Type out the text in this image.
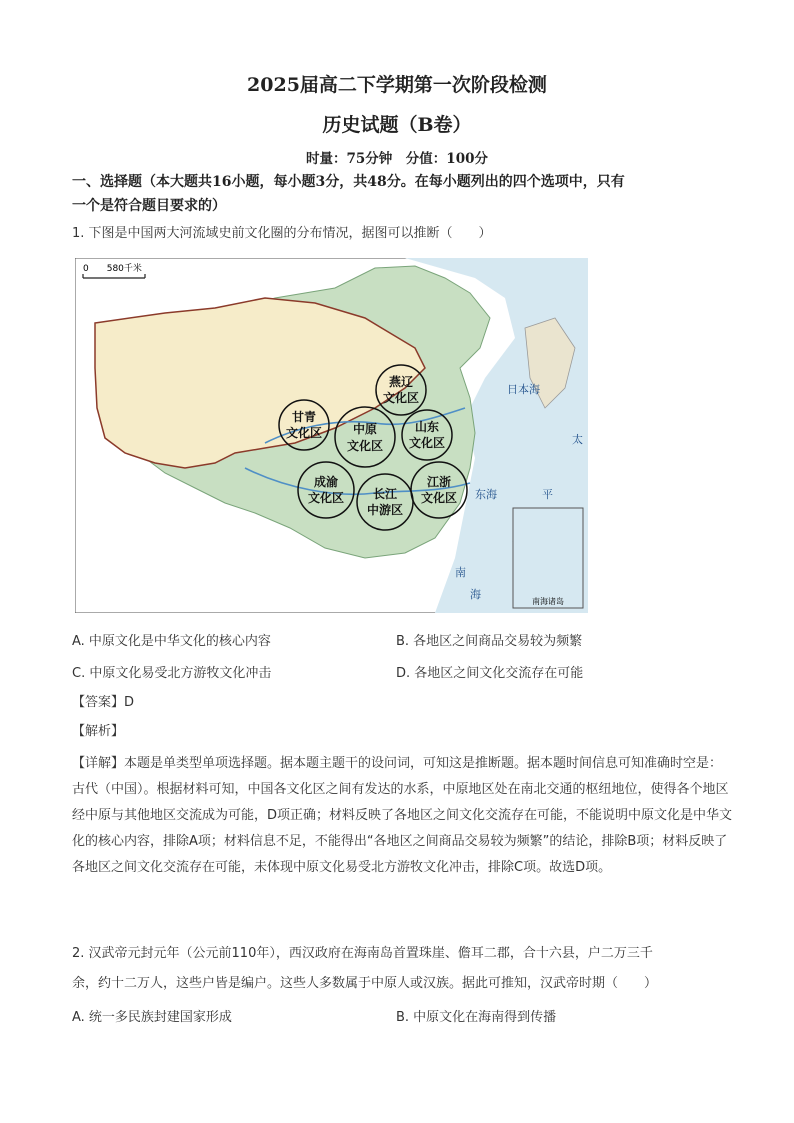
2025届高二下学期第一次阶段检测
历史试题（B卷）
时量：75分钟　分值：100分
一、选择题（本大题共16小题，每小题3分，共48分。在每小题列出的四个选项中，只有
一个是符合题目要求的）
1. 下图是中国两大河流域史前文化圈的分布情况，据图可以推断（　　）
0　　580千米
燕辽
文化区
甘青
文化区	中原
文化区
山东
文化区
成渝
文化区 长江
中游区
江浙
文化区
日本海
东海
太
平
南
海
南海诸岛
A. 中原文化是中华文化的核心内容	B. 各地区之间商品交易较为频繁
C. 中原文化易受北方游牧文化冲击	D. 各地区之间文化交流存在可能
【答案】D
【解析】
【详解】本题是单类型单项选择题。据本题主题干的设问词，可知这是推断题。据本题时间信息可知准确时空是：古代（中国）。根据材料可知，中国各文化区之间有发达的水系，中原地区处在南北交通的枢纽地位，使得各个地区经中原与其他地区交流成为可能，D项正确；材料反映了各地区之间文化交流存在可能，不能说明中原文化是中华文化的核心内容，排除A项；材料信息不足，不能得出“各地区之间商品交易较为频繁”的结论，排除B项；材料反映了各地区之间文化交流存在可能，未体现中原文化易受北方游牧文化冲击，排除C项。故选D项。
2. 汉武帝元封元年（公元前110年），西汉政府在海南岛首置珠崖、儋耳二郡，合十六县，户二万三千
余，约十二万人，这些户皆是编户。这些人多数属于中原人或汉族。据此可推知，汉武帝时期（　　）
A. 统一多民族封建国家形成	B. 中原文化在海南得到传播
